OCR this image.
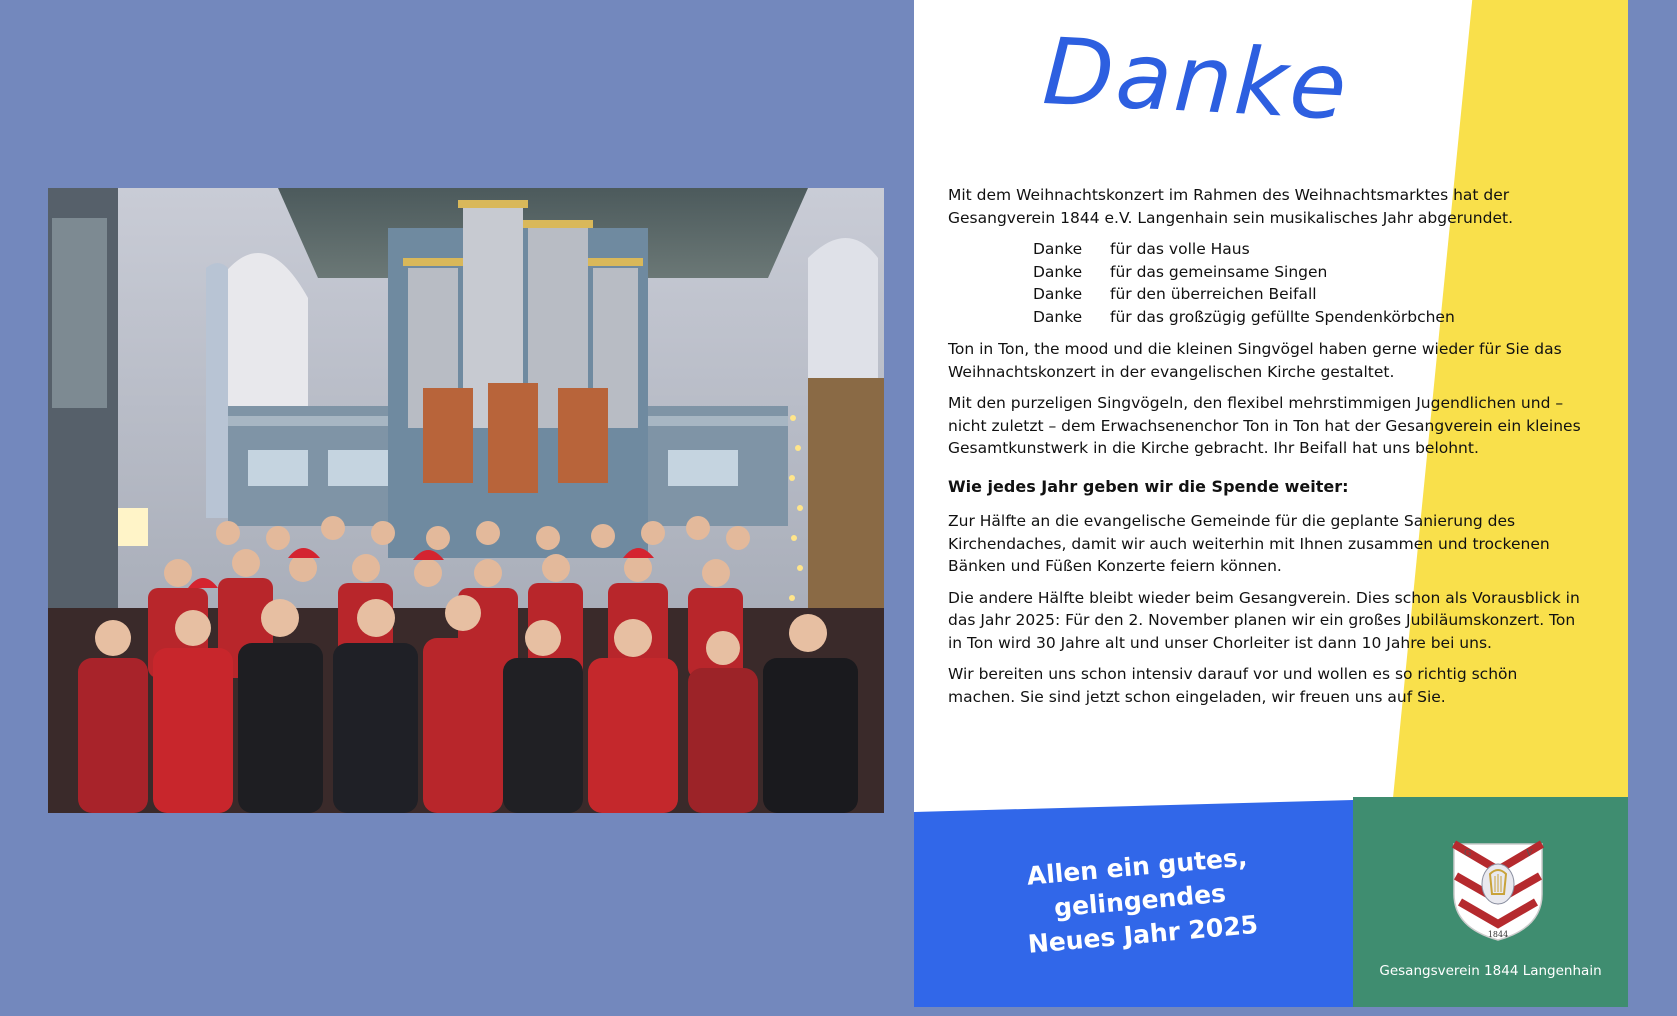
Danke

Mit dem Weihnachtskonzert im Rahmen des Weihnachtsmarktes hat der Gesangverein 1844 e.V. Langenhain sein musikalisches Jahr abgerundet.

Danke	für das volle Haus
Danke	für das gemeinsame Singen
Danke	für den überreichen Beifall
Danke	für das großzügig gefüllte Spendenkörbchen

Ton in Ton, the mood und die kleinen Singvögel haben gerne wieder für Sie das Weihnachtskonzert in der evangelischen Kirche gestaltet.

Mit den purzeligen Singvögeln, den flexibel mehrstimmigen Jugendlichen und – nicht zuletzt – dem Erwachsenenchor Ton in Ton hat der Gesangverein ein kleines Gesamtkunstwerk in die Kirche gebracht. Ihr Beifall hat uns belohnt.

Wie jedes Jahr geben wir die Spende weiter:

Zur Hälfte an die evangelische Gemeinde für die geplante Sanierung des Kirchendaches, damit wir auch weiterhin mit Ihnen zusammen und trockenen Bänken und Füßen Konzerte feiern können.

Die andere Hälfte bleibt wieder beim Gesangverein. Dies schon als Vorausblick in das Jahr 2025: Für den 2. November planen wir ein großes Jubiläumskonzert. Ton in Ton wird 30 Jahre alt und unser Chorleiter ist dann 10 Jahre bei uns.

Wir bereiten uns schon intensiv darauf vor und wollen es so richtig schön machen. Sie sind jetzt schon eingeladen, wir freuen uns auf Sie.

Allen ein gutes, gelingendes
Neues Jahr 2025
G	V
1844
Gesangsverein 1844 Langenhain
